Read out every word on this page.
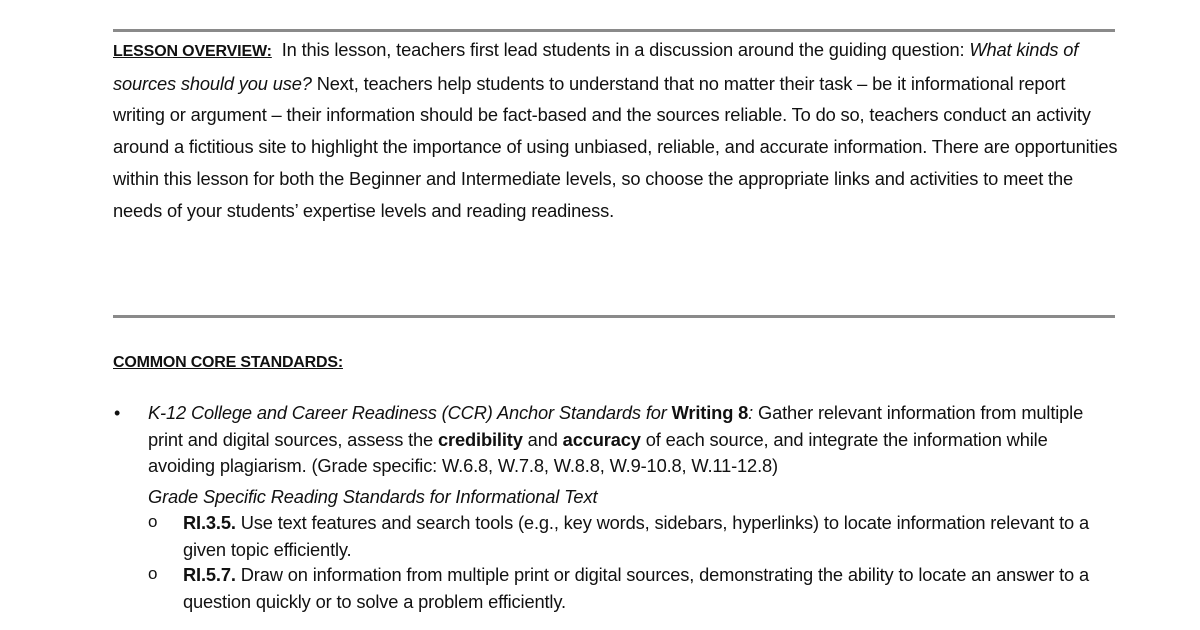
LESSON OVERVIEW: In this lesson, teachers first lead students in a discussion around the guiding question: What kinds of sources should you use? Next, teachers help students to understand that no matter their task – be it informational report writing or argument – their information should be fact-based and the sources reliable. To do so, teachers conduct an activity around a fictitious site to highlight the importance of using unbiased, reliable, and accurate information. There are opportunities within this lesson for both the Beginner and Intermediate levels, so choose the appropriate links and activities to meet the needs of your students’ expertise levels and reading readiness.
COMMON CORE STANDARDS:
• K-12 College and Career Readiness (CCR) Anchor Standards for Writing 8: Gather relevant information from multiple print and digital sources, assess the credibility and accuracy of each source, and integrate the information while avoiding plagiarism. (Grade specific: W.6.8, W.7.8, W.8.8, W.9-10.8, W.11-12.8)
Grade Specific Reading Standards for Informational Text
o RI.3.5. Use text features and search tools (e.g., key words, sidebars, hyperlinks) to locate information relevant to a given topic efficiently.
o RI.5.7. Draw on information from multiple print or digital sources, demonstrating the ability to locate an answer to a question quickly or to solve a problem efficiently.
